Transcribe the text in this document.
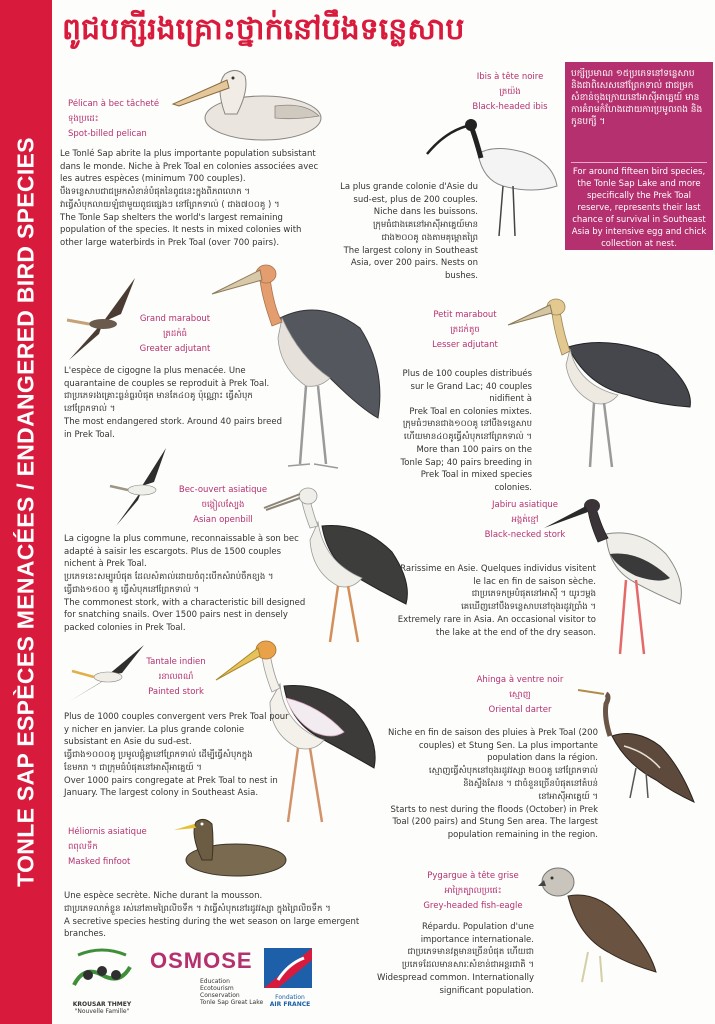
TONLE SAP ESPÈCES MENACÉES / ENDANGERED BIRD SPECIES
ពូជបក្សីរងគ្រោះថ្នាក់នៅបឹងទន្លេសាប
បក្សីប្រមាណ ១៥ប្រភេទនៅទន្លេសាប និងជាពិសេសនៅព្រែកទាល់ ជាជម្រកសំខាន់ចុងក្រោយនៅអាស៊ីអាគ្នេយ៍ មានការគំរាមកំហែងដោយការប្រមូលពង និងកូនបក្សី ។
For around fifteen bird species, the Tonle Sap Lake and more specifically the Prek Toal reserve, represents their last chance of survival in Southeast Asia by intensive egg and chick collection at nest.
Pélican à bec tâcheté
ទុងប្រដេះ
Spot-billed pelican
Le Tonlé Sap abrite la plus importante population subsistant dans le monde. Niche à Prek Toal en colonies associées avec les autres espèces (minimum 700 couples).
បឹងទន្លេសាបជាជម្រកសំខាន់បំផុតនៃពូជនេះក្នុងពិភពលោក ។
វាធ្វើសំបុកលាយឡំជាមួយពូជផ្សេងៗ នៅព្រែកទាល់ ( ជាង៧០០គូ ) ។
The Tonle Sap shelters the world's largest remaining population of the species. It nests in mixed colonies with other large waterbirds in Prek Toal (over 700 pairs).
Ibis à tête noire
ត្រយ៉ង
Black-headed ibis
La plus grande colonie d'Asie du sud-est, plus de 200 couples. Niche dans les buissons.
ក្រុមធំជាងគេនៅអាស៊ីអាគ្នេយ៍មាន
ជាង២០០គូ ពងតាមគុម្ពោតព្រៃ
The largest colony in Southeast Asia, over 200 pairs. Nests on bushes.
Grand marabout
ត្រដក់ធំ
Greater adjutant
L'espèce de cigogne la plus menacée. Une quarantaine de couples se reproduit à Prek Toal.
ជាប្រភេទរងគ្រោះធ្ងន់ធ្ងរបំផុត មានតែ៤០គូ ប៉ុណ្ណោះ ធ្វើសំបុក
នៅព្រែកទាល់ ។
The most endangered stork. Around 40 pairs breed in Prek Toal.
Petit marabout
ត្រដក់តូច
Lesser adjutant
Plus de 100 couples distribués sur le Grand Lac; 40 couples nidifient à
Prek Toal en colonies mixtes.
ក្រុមធំៗមានជាង១០០គូ នៅបឹងទន្លេសាប
ហើយមាន៤០គូធ្វើសំបុកនៅព្រែកទាល់ ។
More than 100 pairs on the Tonle Sap; 40 pairs breeding in Prek Toal in mixed species colonies.
Bec-ouvert asiatique
ចង្កៀលស្បែង
Asian openbill
La cigogne la plus commune, reconnaissable à son bec adapté à saisir les escargots. Plus de 1500 couples nichent à Prek Toal.
ប្រភេទនេះសម្បូរបំផុត ដែលសំគាល់ដោយចំពុះបើកសំរាប់ចឹកខ្យង ។
ធ្វើជាង១៥០០ គូ ធ្វើសំបុកនៅព្រែកទាល់ ។
The commonest stork, with a characteristic bill designed for snatching snails. Over 1500 pairs nest in densely packed colonies in Prek Toal.
Jabiru asiatique
អង្កត់ខ្មៅ
Black-necked stork
Rarissime en Asie. Quelques individus visitent le lac en fin de saison sèche.
ជាប្រភេទកម្របំផុតនៅអាស៊ី ។ យូរៗម្តង
គេឃើញនៅបឹងទន្លេសាបនៅចុងរដូវប្រាំង ។
Extremely rare in Asia. An occasional visitor to the lake at the end of the dry season.
Tantale indien
រនាលពណ៌
Painted stork
Plus de 1000 couples convergent vers Prek Toal pour y nicher en janvier. La plus grande colonie subsistant en Asie du sud-est.
ធ្វើជាង១០០០គូ ប្រមូលផ្តុំគ្នានៅព្រែកទាល់ ដើម្បីធ្វើសំបុកក្នុង
ខែមករា ។ ជាក្រុមធំបំផុតនៅអាស៊ីអាគ្នេយ៍ ។
Over 1000 pairs congregate at Prek Toal to nest in January. The largest colony in Southeast Asia.
Ahinga à ventre noir
ស្មោញ
Oriental darter
Niche en fin de saison des pluies à Prek Toal (200 couples) et Stung Sen. La plus importante population dans la région.
ស្មោញធ្វើសំបុកនៅចុងរដូវវស្សា ២០០គូ នៅព្រែកទាល់
និងស្ទឹងសែន ។ ជាចំនួនច្រើនបំផុតនៅតំបន់
នៅអាស៊ីអាគ្នេយ៍ ។
Starts to nest during the floods (October) in Prek Toal (200 pairs) and Stung Sen area. The largest population remaining in the region.
Héliornis asiatique
ពពុលទឹក
Masked finfoot
Une espèce secrète. Niche durant la mousson.
ជាប្រភេទលាក់ខ្លួន រស់នៅតាមព្រៃលិចទឹក ។ វាធ្វើសំបុកនៅរដូវវស្សា ក្នុងព្រៃលិចទឹក ។
A secretive species hesting during the wet season on large emergent branches.
Pygargue à tête grise
អាក្រៃត្បាលប្រផេះ
Grey-headed fish-eagle
Répardu. Population d'une importance internationale.
ជាប្រភេទមានវត្តមានច្រើនបំផុត ហើយជា
ប្រភេទដែលមានសារៈសំខាន់ជាអន្តរជាតិ ។
Widespread common. Internationally significant population.
KROUSAR THMEY
"Nouvelle Famille"
OSMOSE
Education
Ecotourism
Conservation
Tonle Sap Great Lake
Fondation
AIR FRANCE
